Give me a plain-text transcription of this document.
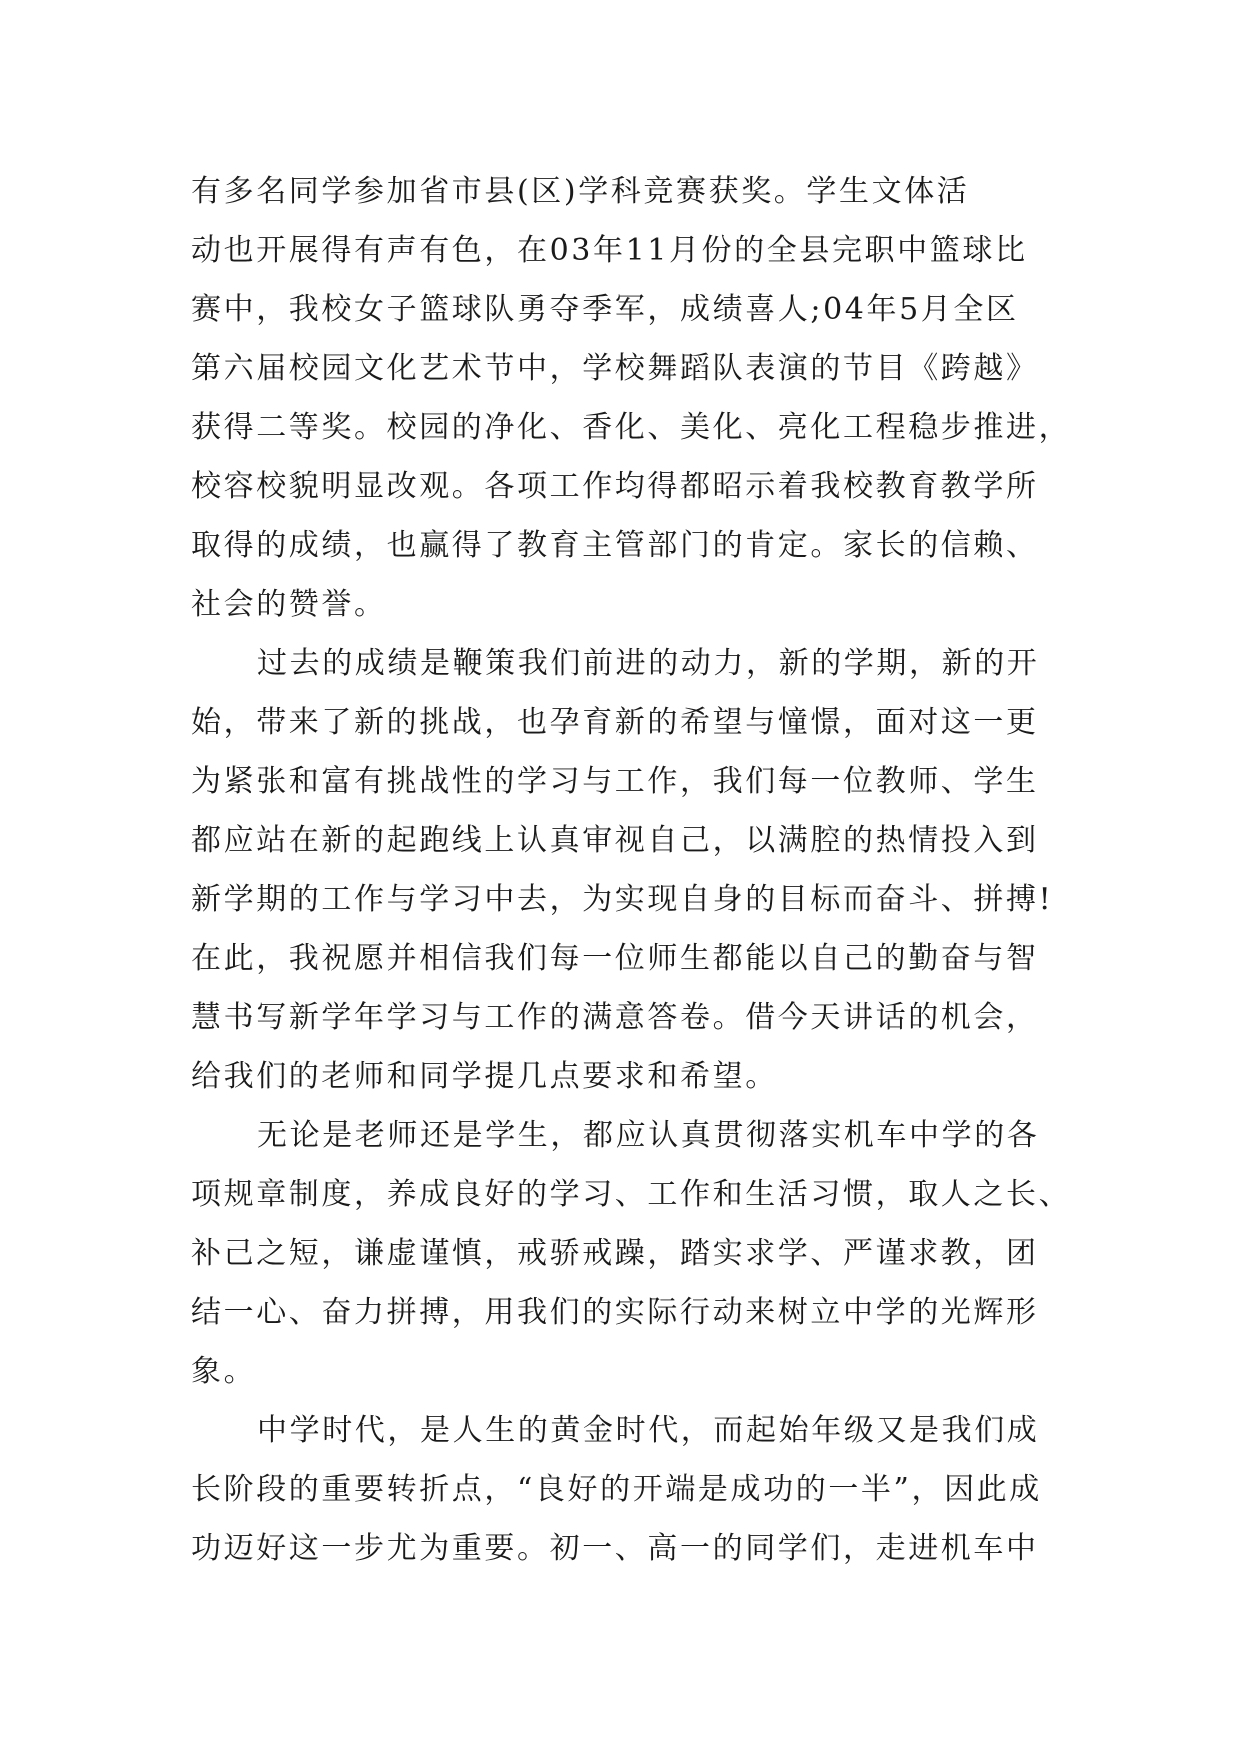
有多名同学参加省市县(区)学科竞赛获奖。学生文体活
动也开展得有声有色，在03年11月份的全县完职中篮球比
赛中，我校女子篮球队勇夺季军，成绩喜人;04年5月全区
第六届校园文化艺术节中，学校舞蹈队表演的节目《跨越》
获得二等奖。校园的净化、香化、美化、亮化工程稳步推进，
校容校貌明显改观。各项工作均得都昭示着我校教育教学所
取得的成绩，也赢得了教育主管部门的肯定。家长的信赖、
社会的赞誉。
过去的成绩是鞭策我们前进的动力，新的学期，新的开
始，带来了新的挑战，也孕育新的希望与憧憬，面对这一更
为紧张和富有挑战性的学习与工作，我们每一位教师、学生
都应站在新的起跑线上认真审视自己，以满腔的热情投入到
新学期的工作与学习中去，为实现自身的目标而奋斗、拼搏!
在此，我祝愿并相信我们每一位师生都能以自己的勤奋与智
慧书写新学年学习与工作的满意答卷。借今天讲话的机会，
给我们的老师和同学提几点要求和希望。
无论是老师还是学生，都应认真贯彻落实机车中学的各
项规章制度，养成良好的学习、工作和生活习惯，取人之长、
补己之短，谦虚谨慎，戒骄戒躁，踏实求学、严谨求教，团
结一心、奋力拼搏，用我们的实际行动来树立中学的光辉形
象。
中学时代，是人生的黄金时代，而起始年级又是我们成
长阶段的重要转折点，“良好的开端是成功的一半”，因此成
功迈好这一步尤为重要。初一、高一的同学们，走进机车中
